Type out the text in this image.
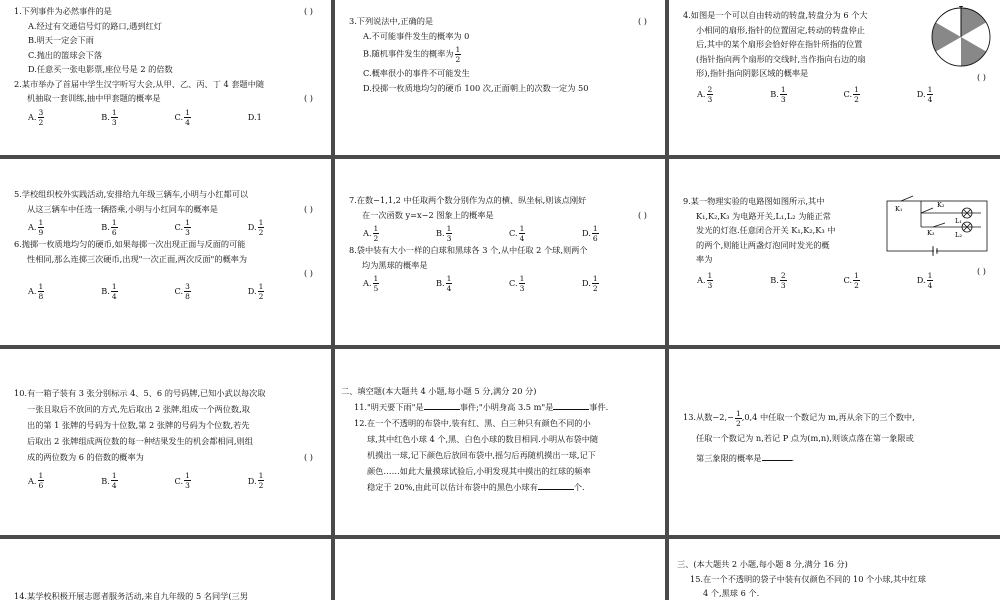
1.下列事件为必然事件的是	( )

A.经过有交通信号灯的路口,遇到红灯
B.明天一定会下雨
C.抛出的篮球会下落
D.任意买一张电影票,座位号是 2 的倍数

2.某市举办了首届中学生汉字听写大会,从甲、乙、丙、丁 4 套题中随

机抽取一套训练,抽中甲套题的概率是	( )

A. $\frac{3}{2}$	B. $\frac{1}{3}$	C. $\frac{1}{4}$	D.1

3.下列说法中,正确的是	( )

A.不可能事件发生的概率为 0
B.随机事件发生的概率为 $\frac{1}{2}$
C.概率很小的事件不可能发生
D.投掷一枚质地均匀的硬币 100 次,正面朝上的次数一定为 50

4.如图是一个可以自由转动的转盘,转盘分为 6 个大

小相同的扇形,指针的位置固定,转动的转盘停止

后,其中的某个扇形会恰好停在指针所指的位置

(指针指向两个扇形的交线时,当作指向右边的扇

形),指针指向阴影区域的概率是	( )
A. $\frac{2}{3}$	B. $\frac{1}{3}$	C. $\frac{1}{2}$	D. $\frac{1}{4}$

5.学校组织校外实践活动,安排给九年级三辆车,小明与小红都可以

从这三辆车中任选一辆搭乘,小明与小红同车的概率是	( )

A. $\frac{1}{9}$	B. $\frac{1}{6}$	C. $\frac{1}{3}$	D. $\frac{1}{2}$

6.抛掷一枚质地均匀的硬币,如果每掷一次出现正面与反面的可能

性相同,那么连掷三次硬币,出现"一次正面,两次反面"的概率为

( )

A. $\frac{1}{8}$	B. $\frac{1}{4}$	C. $\frac{3}{8}$	D. $\frac{1}{2}$

7.在数−1,1,2 中任取两个数分别作为点的横、纵坐标,则该点刚好

在一次函数 y=x−2 图象上的概率是	( )

A. $\frac{1}{2}$	B. $\frac{1}{3}$	C. $\frac{1}{4}$	D. $\frac{1}{6}$

8.袋中装有大小一样的白球和黑球各 3 个,从中任取 2 个球,则两个

均为黑球的概率是

A. $\frac{1}{5}$	B. $\frac{1}{4}$	C. $\frac{1}{3}$	D. $\frac{1}{2}$

9.某一物理实验的电路图如图所示,其中

K₁,K₂,K₃ 为电路开关,L₁,L₂ 为能正常

发光的灯泡.任意闭合开关 K₁,K₂,K₃ 中

的两个,则能让两盏灯泡同时发光的概

率为

( )
K₁	K₂
K₃
L₁
L₂
A. $\frac{1}{3}$	B. $\frac{2}{3}$	C. $\frac{1}{2}$	D. $\frac{1}{4}$

10.有一箱子装有 3 张分别标示 4、5、6 的号码牌,已知小武以每次取

一张且取后不放回的方式,先后取出 2 张牌,组成一个两位数,取

出的第 1 张牌的号码为十位数,第 2 张牌的号码为个位数,若先

后取出 2 张牌组成两位数的每一种结果发生的机会都相同,则组

成的两位数为 6 的倍数的概率为	( )

A. $\frac{1}{6}$	B. $\frac{1}{4}$	C. $\frac{1}{3}$	D. $\frac{1}{2}$

二、填空题(本大题共 4 小题,每小题 5 分,满分 20 分)

11."明天要下雨"是	事件;"小明身高 3.5 m"是	事件.

12.在一个不透明的布袋中,装有红、黑、白三种只有颜色不同的小

球,其中红色小球 4 个,黑、白色小球的数目相同.小明从布袋中随

机摸出一球,记下颜色后放回布袋中,摇匀后再随机摸出一球,记下

颜色……如此大量摸球试验后,小明发现其中摸出的红球的频率

稳定于 20%,由此可以估计布袋中的黑色小球有	个.

13.从数$-2,- \frac{1}{2} ,0,4$ 中任取一个数记为 m,再从余下的三个数中,

任取一个数记为 n,若记 P 点为(m,n),则该点落在第一象限或

第三象限的概率是	.

14.某学校积极开展志愿者服务活动,来自九年级的 5 名同学(三男

三、(本大题共 2 小题,每小题 8 分,满分 16 分)

15.在一个不透明的袋子中装有仅颜色不同的 10 个小球,其中红球

4 个,黑球 6 个.
